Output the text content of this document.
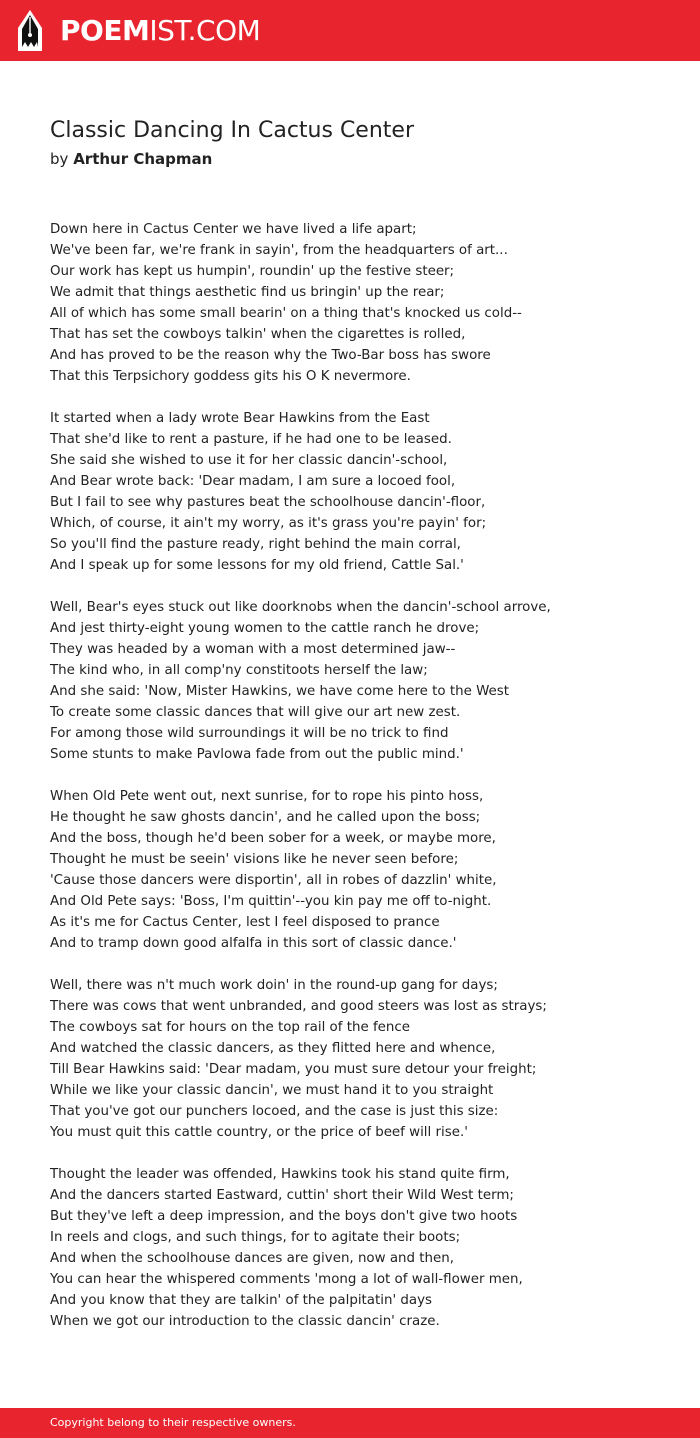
POEMIST.COM
Classic Dancing In Cactus Center
by Arthur Chapman
Down here in Cactus Center we have lived a life apart;
We've been far, we're frank in sayin', from the headquarters of art...
Our work has kept us humpin', roundin' up the festive steer;
We admit that things aesthetic find us bringin' up the rear;
All of which has some small bearin' on a thing that's knocked us cold--
That has set the cowboys talkin' when the cigarettes is rolled,
And has proved to be the reason why the Two-Bar boss has swore
That this Terpsichory goddess gits his O K nevermore.
It started when a lady wrote Bear Hawkins from the East
That she'd like to rent a pasture, if he had one to be leased.
She said she wished to use it for her classic dancin'-school,
And Bear wrote back: 'Dear madam, I am sure a locoed fool,
But I fail to see why pastures beat the schoolhouse dancin'-floor,
Which, of course, it ain't my worry, as it's grass you're payin' for;
So you'll find the pasture ready, right behind the main corral,
And I speak up for some lessons for my old friend, Cattle Sal.'
Well, Bear's eyes stuck out like doorknobs when the dancin'-school arrove,
And jest thirty-eight young women to the cattle ranch he drove;
They was headed by a woman with a most determined jaw--
The kind who, in all comp'ny constitoots herself the law;
And she said: 'Now, Mister Hawkins, we have come here to the West
To create some classic dances that will give our art new zest.
For among those wild surroundings it will be no trick to find
Some stunts to make Pavlowa fade from out the public mind.'
When Old Pete went out, next sunrise, for to rope his pinto hoss,
He thought he saw ghosts dancin', and he called upon the boss;
And the boss, though he'd been sober for a week, or maybe more,
Thought he must be seein' visions like he never seen before;
'Cause those dancers were disportin', all in robes of dazzlin' white,
And Old Pete says: 'Boss, I'm quittin'--you kin pay me off to-night.
As it's me for Cactus Center, lest I feel disposed to prance
And to tramp down good alfalfa in this sort of classic dance.'
Well, there was n't much work doin' in the round-up gang for days;
There was cows that went unbranded, and good steers was lost as strays;
The cowboys sat for hours on the top rail of the fence
And watched the classic dancers, as they flitted here and whence,
Till Bear Hawkins said: 'Dear madam, you must sure detour your freight;
While we like your classic dancin', we must hand it to you straight
That you've got our punchers locoed, and the case is just this size:
You must quit this cattle country, or the price of beef will rise.'
Thought the leader was offended, Hawkins took his stand quite firm,
And the dancers started Eastward, cuttin' short their Wild West term;
But they've left a deep impression, and the boys don't give two hoots
In reels and clogs, and such things, for to agitate their boots;
And when the schoolhouse dances are given, now and then,
You can hear the whispered comments 'mong a lot of wall-flower men,
And you know that they are talkin' of the palpitatin' days
When we got our introduction to the classic dancin' craze.
Copyright belong to their respective owners.
